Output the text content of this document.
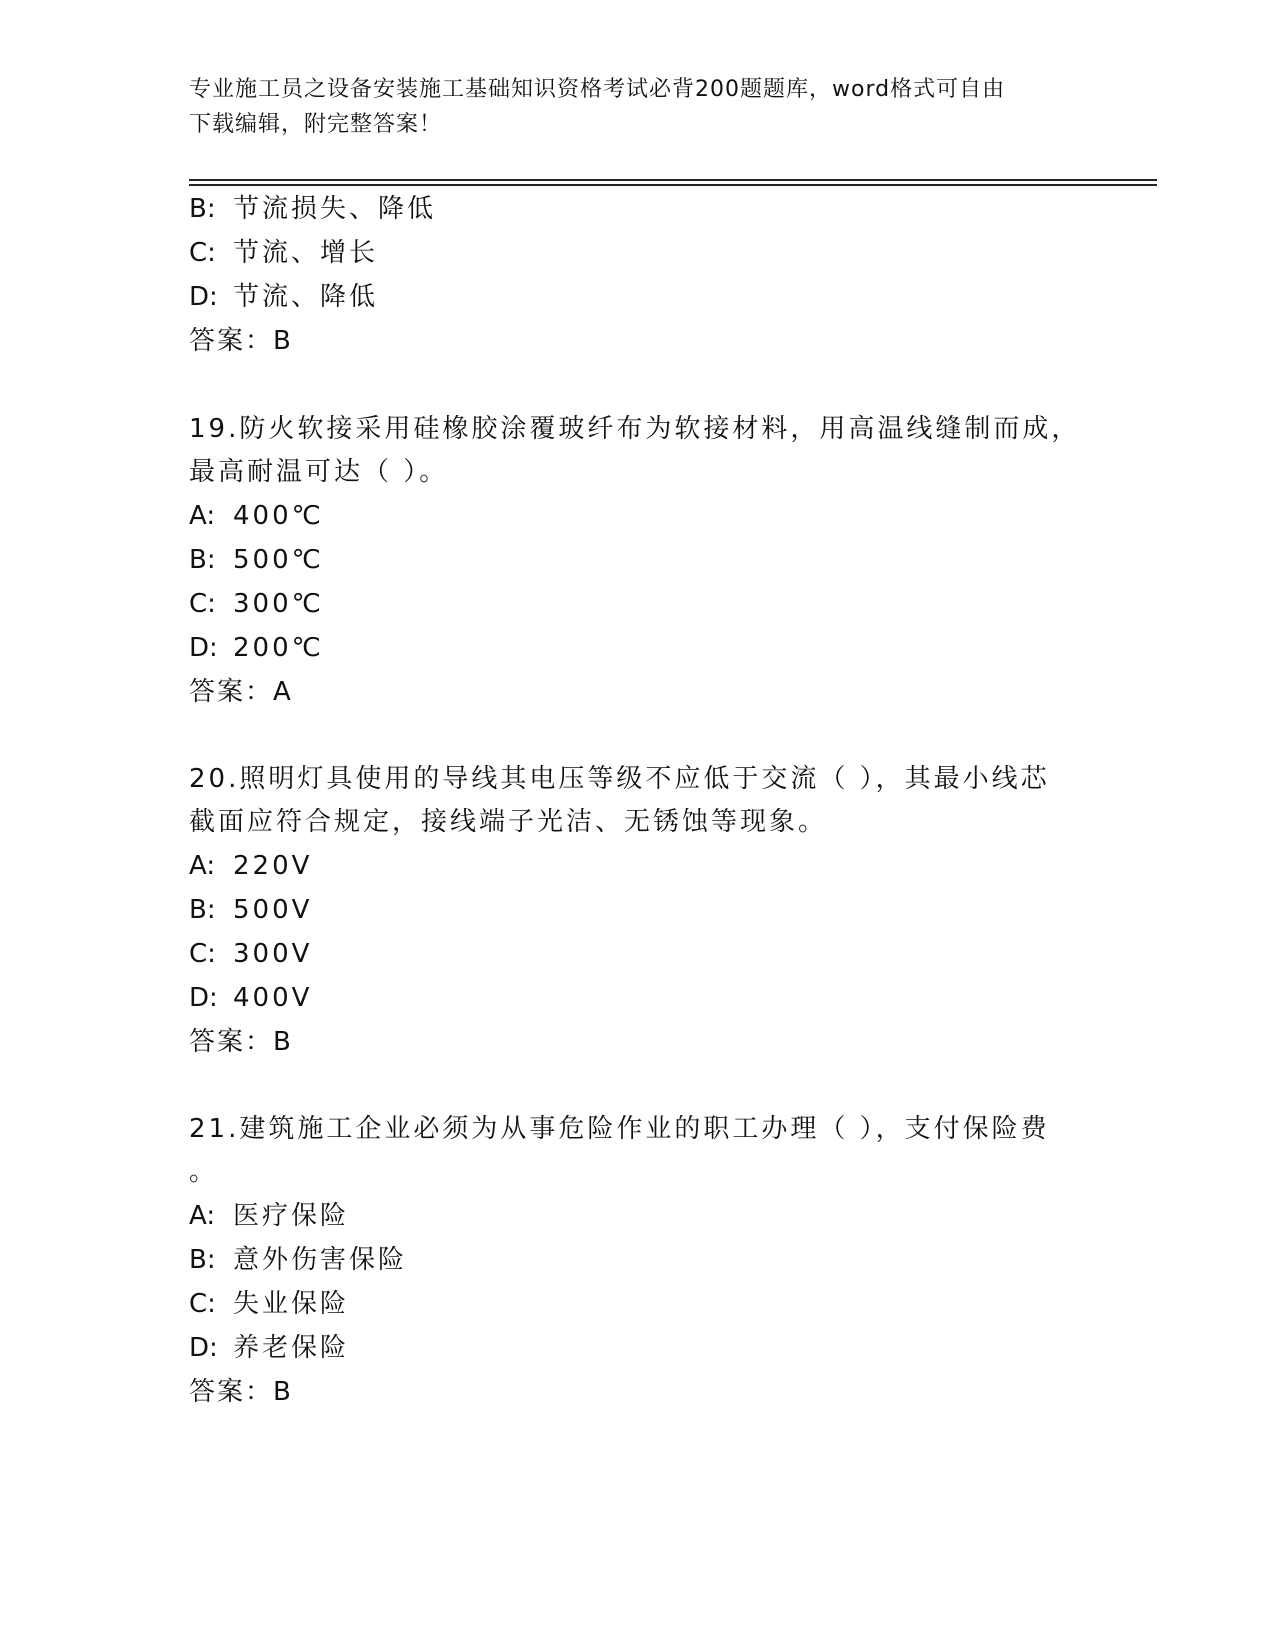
专业施工员之设备安装施工基础知识资格考试必背200题题库，word格式可自由
下载编辑，附完整答案！
B: 节流损失、降低
C: 节流、增长
D: 节流、降低
答案：B
19.防火软接采用硅橡胶涂覆玻纤布为软接材料，用高温线缝制而成，
最高耐温可达（ ）。
A: 400℃
B: 500℃
C: 300℃
D: 200℃
答案：A
20.照明灯具使用的导线其电压等级不应低于交流（ ），其最小线芯
截面应符合规定，接线端子光洁、无锈蚀等现象。
A: 220V
B: 500V
C: 300V
D: 400V
答案：B
21.建筑施工企业必须为从事危险作业的职工办理（ ），支付保险费
。
A: 医疗保险
B: 意外伤害保险
C: 失业保险
D: 养老保险
答案：B
